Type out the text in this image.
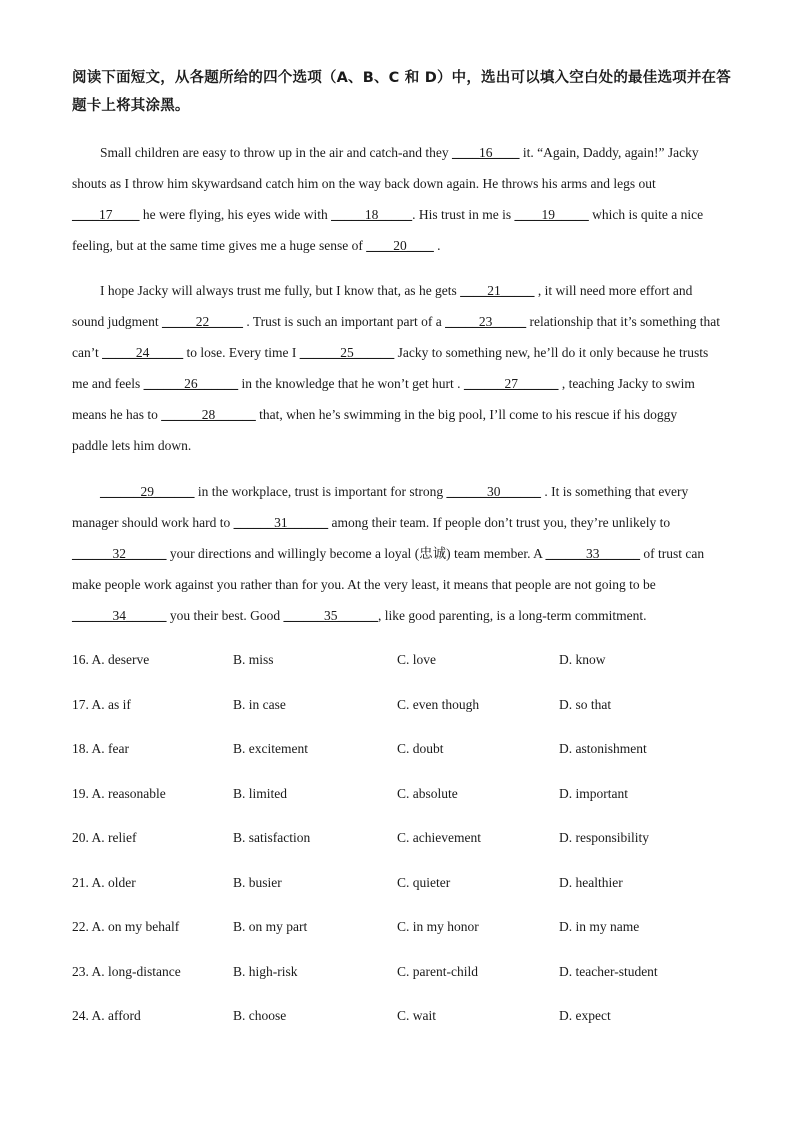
阅读下面短文，从各题所给的四个选项（A、B、C 和 D）中，选出可以填入空白处的最佳选项并在答题卡上将其涂黑。
Small children are easy to throw up in the air and catch-and they ____16____ it. “Again, Daddy, again!” Jacky
shouts as I throw him skywardsand catch him on the way back down again. He throws his arms and legs out
____17____ he were flying, his eyes wide with _____18_____. His trust in me is ____19_____ which is quite a nice
feeling, but at the same time gives me a huge sense of ____20____ .
I hope Jacky will always trust me fully, but I know that, as he gets ____21_____ , it will need more effort and
sound judgment _____22_____ . Trust is such an important part of a _____23_____ relationship that it’s something that
can’t _____24_____ to lose. Every time I ______25______ Jacky to something new, he’ll do it only because he trusts
me and feels ______26______ in the knowledge that he won’t get hurt . ______27______ , teaching Jacky to swim
means he has to ______28______ that, when he’s swimming in the big pool, I’ll come to his rescue if his doggy
paddle lets him down.
______29______ in the workplace, trust is important for strong ______30______ . It is something that every
manager should work hard to ______31______ among their team. If people don’t trust you, they’re unlikely to
______32______ your directions and willingly become a loyal (忠诚) team member. A ______33______ of trust can
make people work against you rather than for you. At the very least, it means that people are not going to be
______34______ you their best. Good ______35______, like good parenting, is a long-term commitment.
16. A. deserve	B. miss	C. love	D. know
17. A. as if	B. in case	C. even though	D. so that
18. A. fear	B. excitement	C. doubt	D. astonishment
19. A. reasonable	B. limited	C. absolute	D. important
20. A. relief	B. satisfaction	C. achievement	D. responsibility
21. A. older	B. busier	C. quieter	D. healthier
22. A. on my behalf	B. on my part	C. in my honor	D. in my name
23. A. long-distance	B. high-risk	C. parent-child	D. teacher-student
24. A. afford	B. choose	C. wait	D. expect
